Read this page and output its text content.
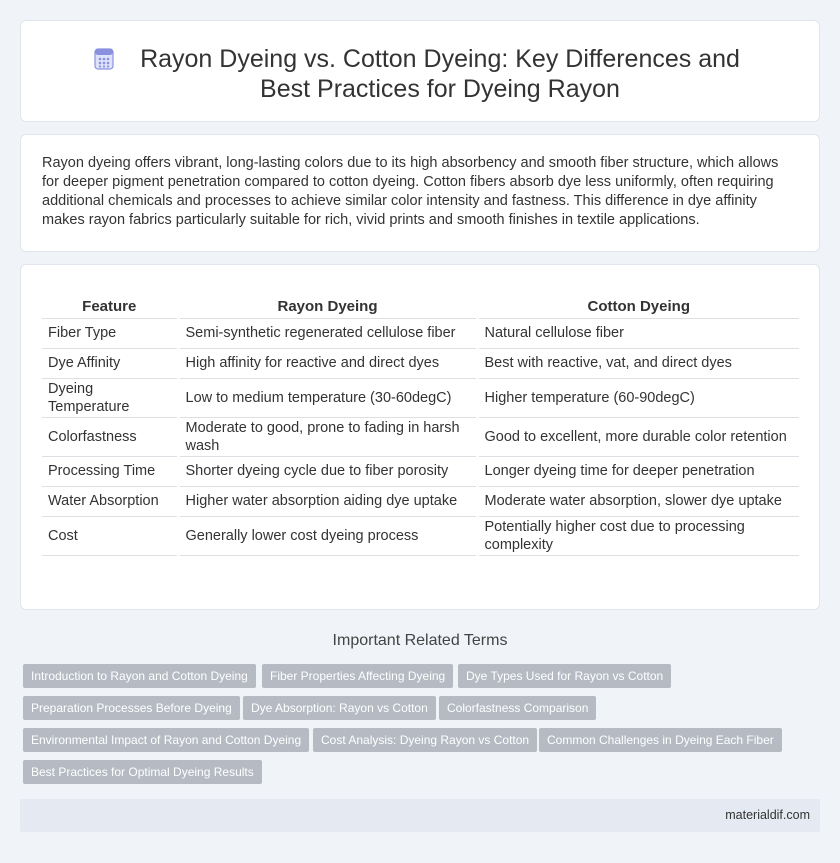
Rayon Dyeing vs. Cotton Dyeing: Key Differences and Best Practices for Dyeing Rayon

Rayon dyeing offers vibrant, long-lasting colors due to its high absorbency and smooth fiber structure, which allows for deeper pigment penetration compared to cotton dyeing. Cotton fibers absorb dye less uniformly, often requiring additional chemicals and processes to achieve similar color intensity and fastness. This difference in dye affinity makes rayon fabrics particularly suitable for rich, vivid prints and smooth finishes in textile applications.

Feature	Rayon Dyeing	Cotton Dyeing
Fiber Type	Semi-synthetic regenerated cellulose fiber	Natural cellulose fiber
Dye Affinity	High affinity for reactive and direct dyes	Best with reactive, vat, and direct dyes
Dyeing Temperature	Low to medium temperature (30-60degC)	Higher temperature (60-90degC)
Colorfastness	Moderate to good, prone to fading in harsh wash	Good to excellent, more durable color retention
Processing Time	Shorter dyeing cycle due to fiber porosity	Longer dyeing time for deeper penetration
Water Absorption	Higher water absorption aiding dye uptake	Moderate water absorption, slower dye uptake
Cost	Generally lower cost dyeing process	Potentially higher cost due to processing complexity
Important Related Terms
Introduction to Rayon and Cotton Dyeing	Fiber Properties Affecting Dyeing	Dye Types Used for Rayon vs Cotton
Preparation Processes Before Dyeing	Dye Absorption: Rayon vs Cotton	Colorfastness Comparison
Environmental Impact of Rayon and Cotton Dyeing	Cost Analysis: Dyeing Rayon vs Cotton	Common Challenges in Dyeing Each Fiber
Best Practices for Optimal Dyeing Results
materialdif.com
